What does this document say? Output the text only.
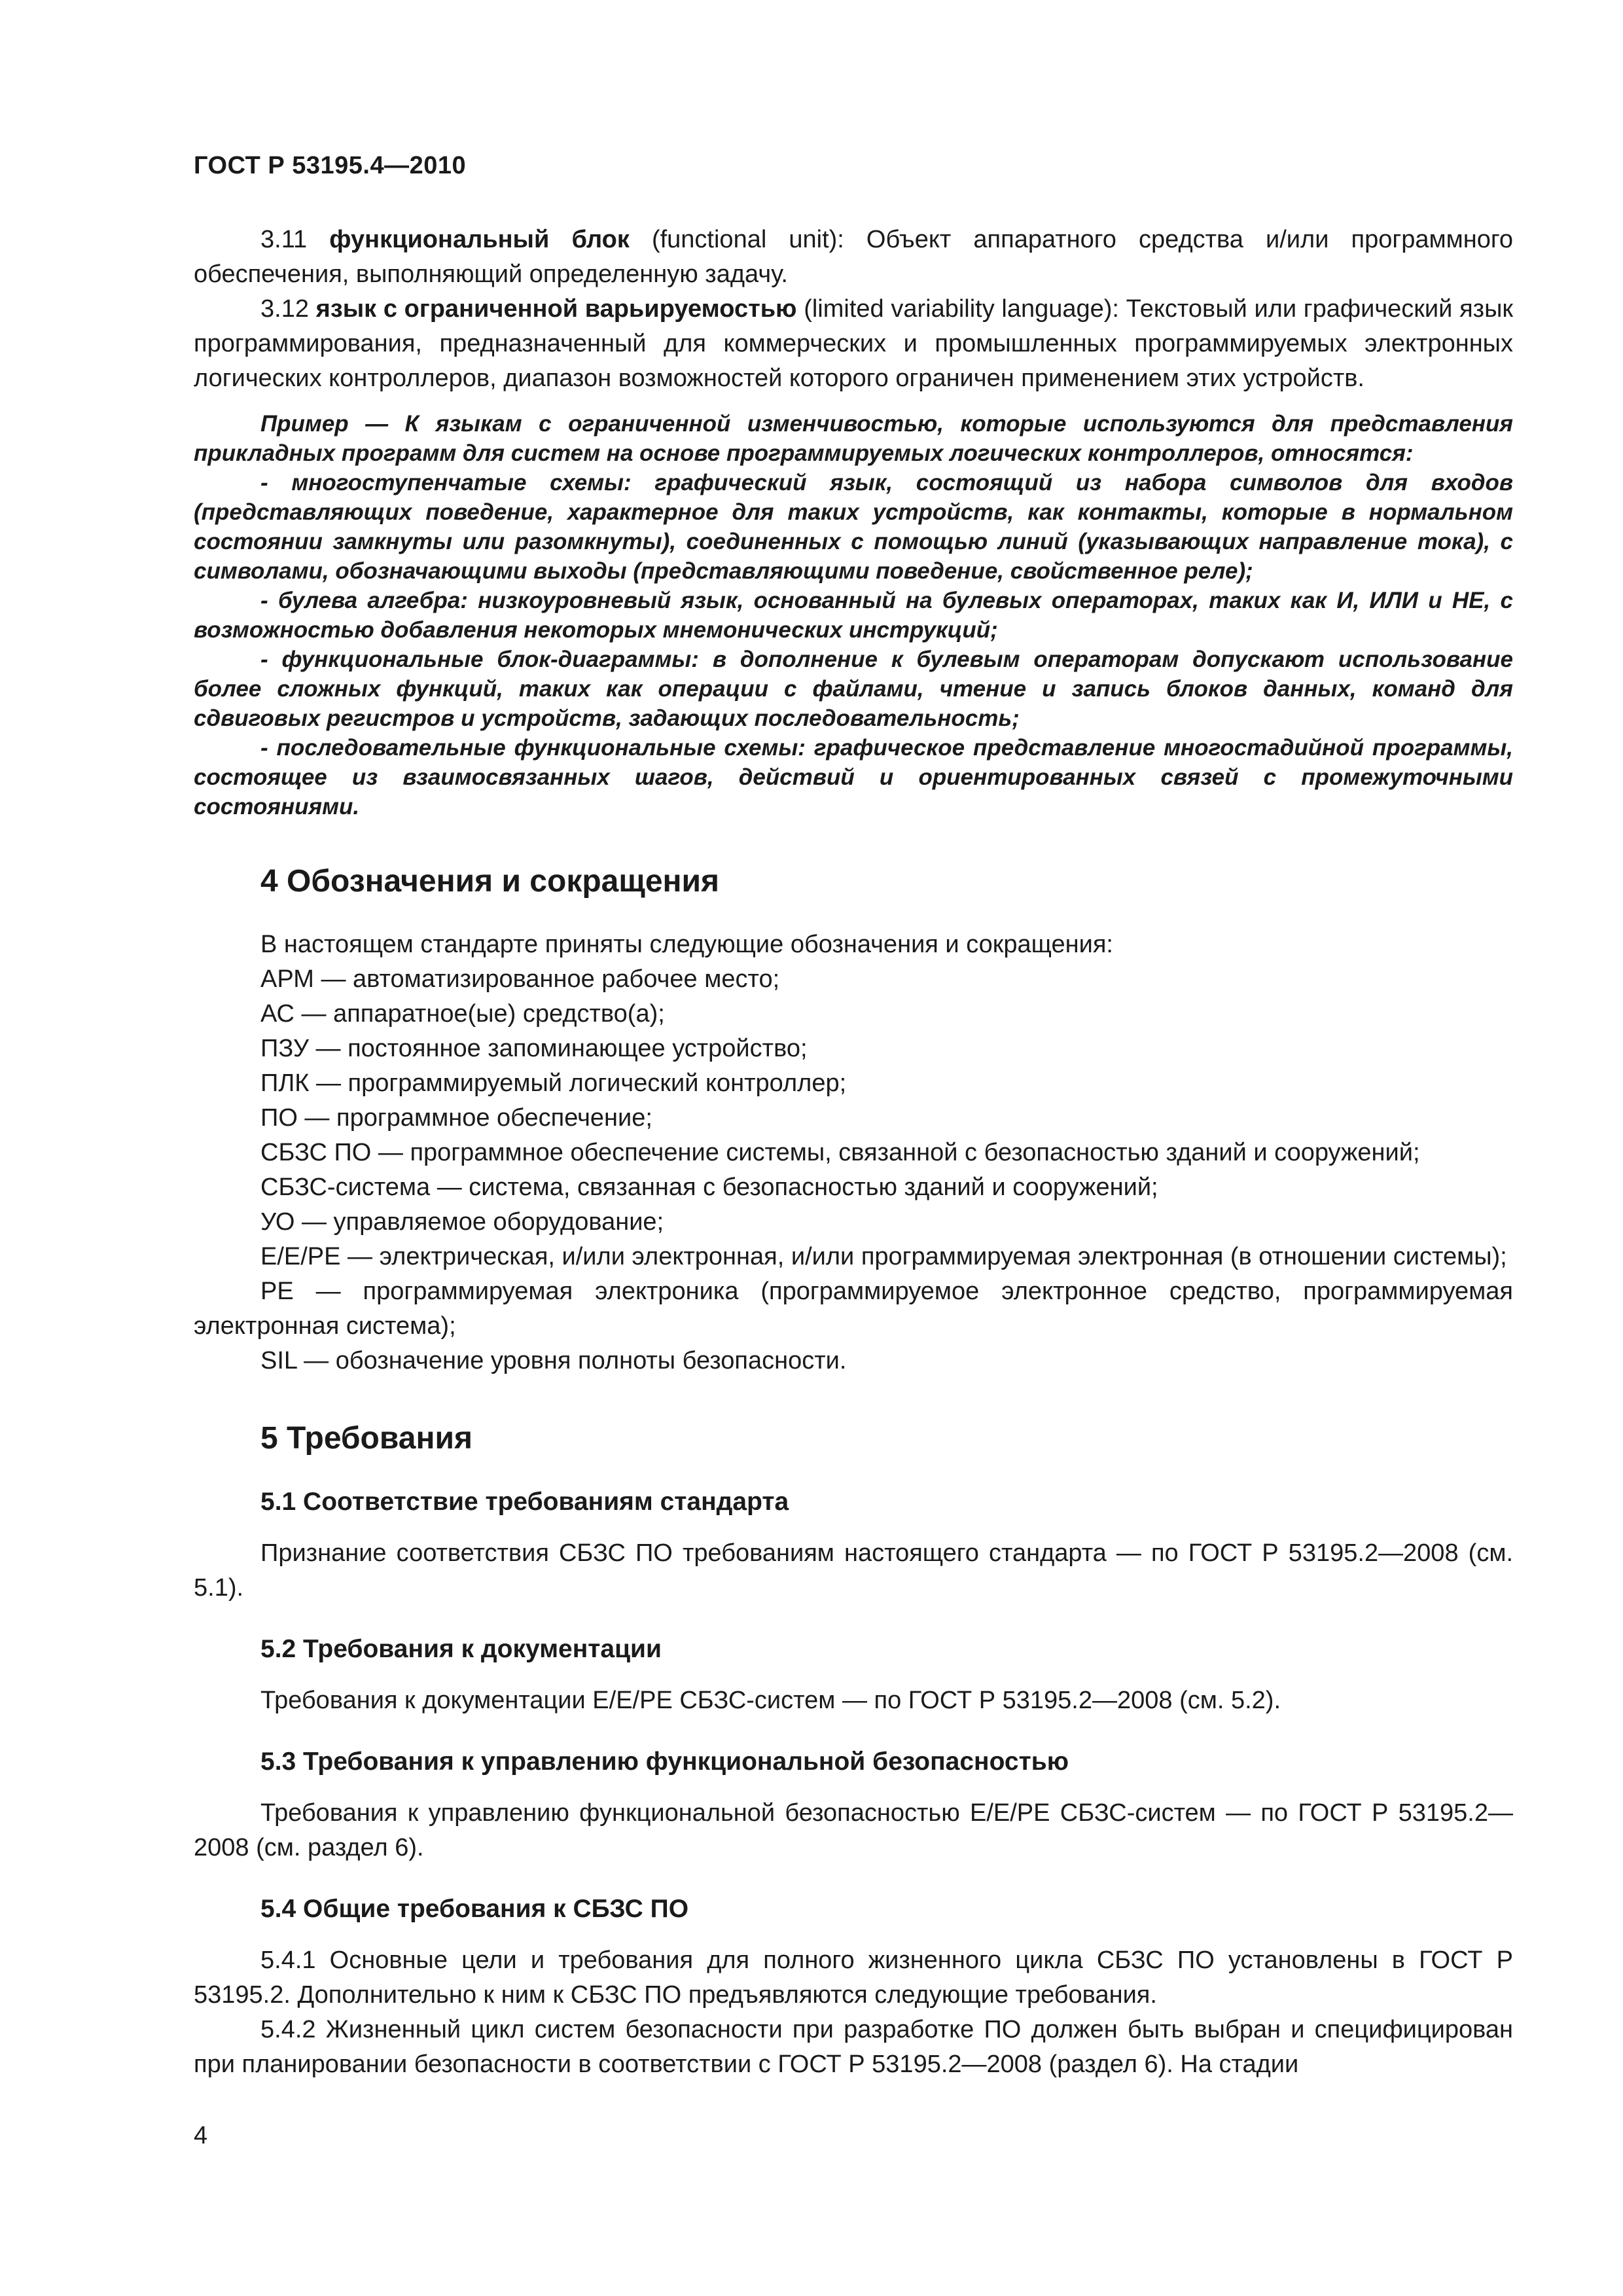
ГОСТ Р 53195.4—2010

3.11 функциональный блок (functional unit): Объект аппаратного средства и/или программного обеспечения, выполняющий определенную задачу.

3.12 язык с ограниченной варьируемостью (limited variability language): Текстовый или графический язык программирования, предназначенный для коммерческих и промышленных программируемых электронных логических контроллеров, диапазон возможностей которого ограничен применением этих устройств.

Пример — К языкам с ограниченной изменчивостью, которые используются для представления прикладных программ для систем на основе программируемых логических контроллеров, относятся:

- многоступенчатые схемы: графический язык, состоящий из набора символов для входов (представляющих поведение, характерное для таких устройств, как контакты, которые в нормальном состоянии замкнуты или разомкнуты), соединенных с помощью линий (указывающих направление тока), с символами, обозначающими выходы (представляющими поведение, свойственное реле);

- булева алгебра: низкоуровневый язык, основанный на булевых операторах, таких как И, ИЛИ и НЕ, с возможностью добавления некоторых мнемонических инструкций;

- функциональные блок-диаграммы: в дополнение к булевым операторам допускают использование более сложных функций, таких как операции с файлами, чтение и запись блоков данных, команд для сдвиговых регистров и устройств, задающих последовательность;

- последовательные функциональные схемы: графическое представление многостадийной программы, состоящее из взаимосвязанных шагов, действий и ориентированных связей с промежуточными состояниями.

4 Обозначения и сокращения

В настоящем стандарте приняты следующие обозначения и сокращения:

АРМ — автоматизированное рабочее место;

АС — аппаратное(ые) средство(а);

ПЗУ — постоянное запоминающее устройство;

ПЛК — программируемый логический контроллер;

ПО — программное обеспечение;

СБЗС ПО — программное обеспечение системы, связанной с безопасностью зданий и сооружений;

СБЗС-система — система, связанная с безопасностью зданий и сооружений;

УО — управляемое оборудование;

Е/Е/РЕ — электрическая, и/или электронная, и/или программируемая электронная (в отношении системы);

РЕ — программируемая электроника (программируемое электронное средство, программируемая электронная система);

SIL — обозначение уровня полноты безопасности.

5 Требования
5.1 Соответствие требованиям стандарта

Признание соответствия СБЗС ПО требованиям настоящего стандарта — по ГОСТ Р 53195.2—2008 (см. 5.1).

5.2 Требования к документации

Требования к документации Е/Е/РЕ СБЗС-систем — по ГОСТ Р 53195.2—2008 (см. 5.2).

5.3 Требования к управлению функциональной безопасностью

Требования к управлению функциональной безопасностью Е/Е/РЕ СБЗС-систем — по ГОСТ Р 53195.2—2008 (см. раздел 6).

5.4 Общие требования к СБЗС ПО

5.4.1 Основные цели и требования для полного жизненного цикла СБЗС ПО установлены в ГОСТ Р 53195.2. Дополнительно к ним к СБЗС ПО предъявляются следующие требования.

5.4.2 Жизненный цикл систем безопасности при разработке ПО должен быть выбран и специфицирован при планировании безопасности в соответствии с ГОСТ Р 53195.2—2008 (раздел 6). На стадии

4
